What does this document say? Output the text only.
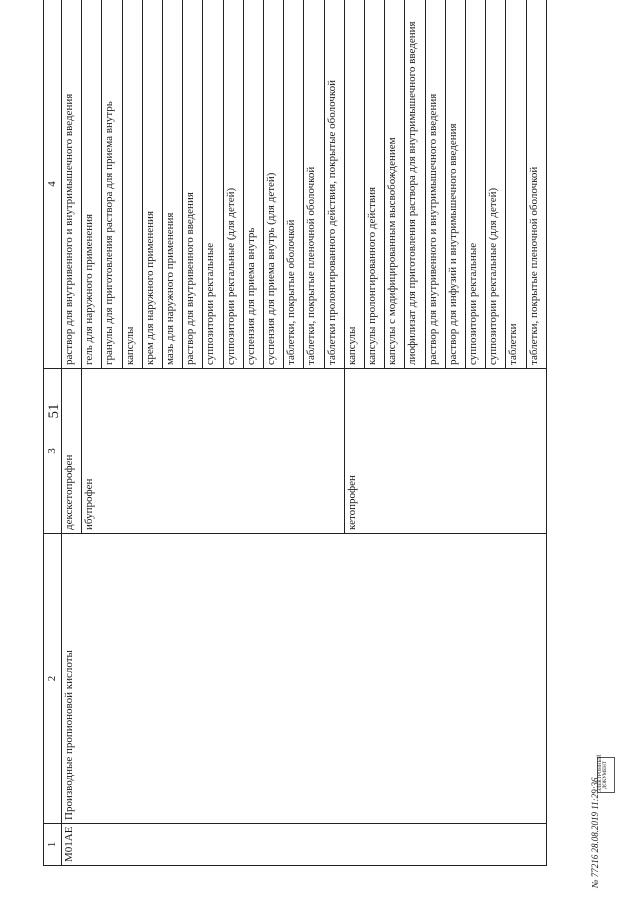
51
1	2	3	4
M01AE	Производные пропионовой кислоты	декскетопрофен	раствор для внутривенного и внутримышечного введения
		ибупрофен	гель для наружного применения
			гранулы для приготовления раствора для приема внутрь
			капсулы
			крем для наружного применения
			мазь для наружного применения
			раствор для внутривенного введения
			суппозитории ректальные
			суппозитории ректальные (для детей)
			суспензия для приема внутрь
			суспензия для приема внутрь (для детей)
			таблетки, покрытые оболочкой
			таблетки, покрытые пленочной оболочкой
			таблетки пролонгированного действия, покрытые оболочкой
		кетопрофен	капсулы
			капсулы пролонгированного действия
			капсулы с модифицированным высвобождением
			лиофилизат для приготовления раствора для внутримышечного введения
			раствор для внутривенного и внутримышечного введения
			раствор для инфузий и внутримышечного введения
			суппозитории ректальные
			суппозитории ректальные (для детей)
			таблетки
			таблетки, покрытые пленочной оболочкой
№ 77216 28.08.2019 11:29:36
ЭЛЕКТРОННЫЙ ДОКУМЕНТ
